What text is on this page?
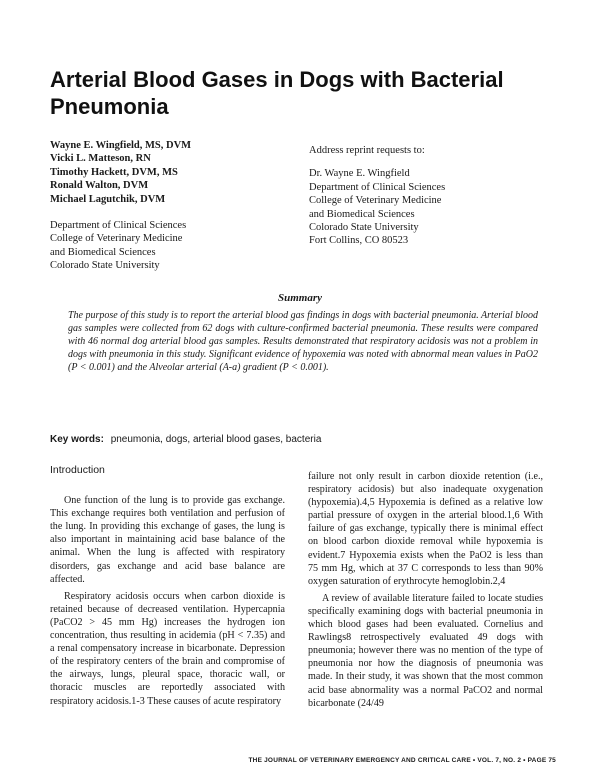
Arterial Blood Gases in Dogs with Bacterial Pneumonia
Wayne E. Wingfield, MS, DVM
Vicki L. Matteson, RN
Timothy Hackett, DVM, MS
Ronald Walton, DVM
Michael Lagutchik, DVM
Department of Clinical Sciences
College of Veterinary Medicine
and Biomedical Sciences
Colorado State University
Address reprint requests to:
Dr. Wayne E. Wingfield
Department of Clinical Sciences
College of Veterinary Medicine
and Biomedical Sciences
Colorado State University
Fort Collins, CO 80523
Summary
The purpose of this study is to report the arterial blood gas findings in dogs with bacterial pneumonia. Arterial blood gas samples were collected from 62 dogs with culture-confirmed bacterial pneumonia. These results were compared with 46 normal dog arterial blood gas samples. Results demonstrated that respiratory acidosis was not a problem in dogs with pneumonia in this study. Significant evidence of hypoxemia was noted with abnormal mean values in PaO2 (P < 0.001) and the Alveolar arterial (A-a) gradient (P < 0.001).
Key words: pneumonia, dogs, arterial blood gases, bacteria
Introduction

One function of the lung is to provide gas exchange. This exchange requires both ventilation and perfusion of the lung. In providing this exchange of gases, the lung is also important in maintaining acid base balance of the animal. When the lung is affected with respiratory disorders, gas exchange and acid base balance are affected.

Respiratory acidosis occurs when carbon dioxide is retained because of decreased ventilation. Hypercapnia (PaCO2 > 45 mm Hg) increases the hydrogen ion concentration, thus resulting in acidemia (pH < 7.35) and a renal compensatory increase in bicarbonate. Depression of the respiratory centers of the brain and compromise of the airways, lungs, pleural space, thoracic wall, or thoracic muscles are reportedly associated with respiratory acidosis.1-3 These causes of acute respiratory

failure not only result in carbon dioxide retention (i.e., respiratory acidosis) but also inadequate oxygenation (hypoxemia).4,5 Hypoxemia is defined as a relative low partial pressure of oxygen in the arterial blood.1,6 With failure of gas exchange, typically there is minimal effect on blood carbon dioxide removal while hypoxemia is evident.7 Hypoxemia exists when the PaO2 is less than 75 mm Hg, which at 37 C corresponds to less than 90% oxygen saturation of erythrocyte hemoglobin.2,4

A review of available literature failed to locate studies specifically examining dogs with bacterial pneumonia in which blood gases had been evaluated. Cornelius and Rawlings8 retrospectively evaluated 49 dogs with pneumonia; however there was no mention of the type of pneumonia nor how the diagnosis of pneumonia was made. In their study, it was shown that the most common acid base abnormality was a normal PaCO2 and normal bicarbonate (24/49

THE JOURNAL OF VETERINARY EMERGENCY AND CRITICAL CARE • VOL. 7, NO. 2 • PAGE 75
